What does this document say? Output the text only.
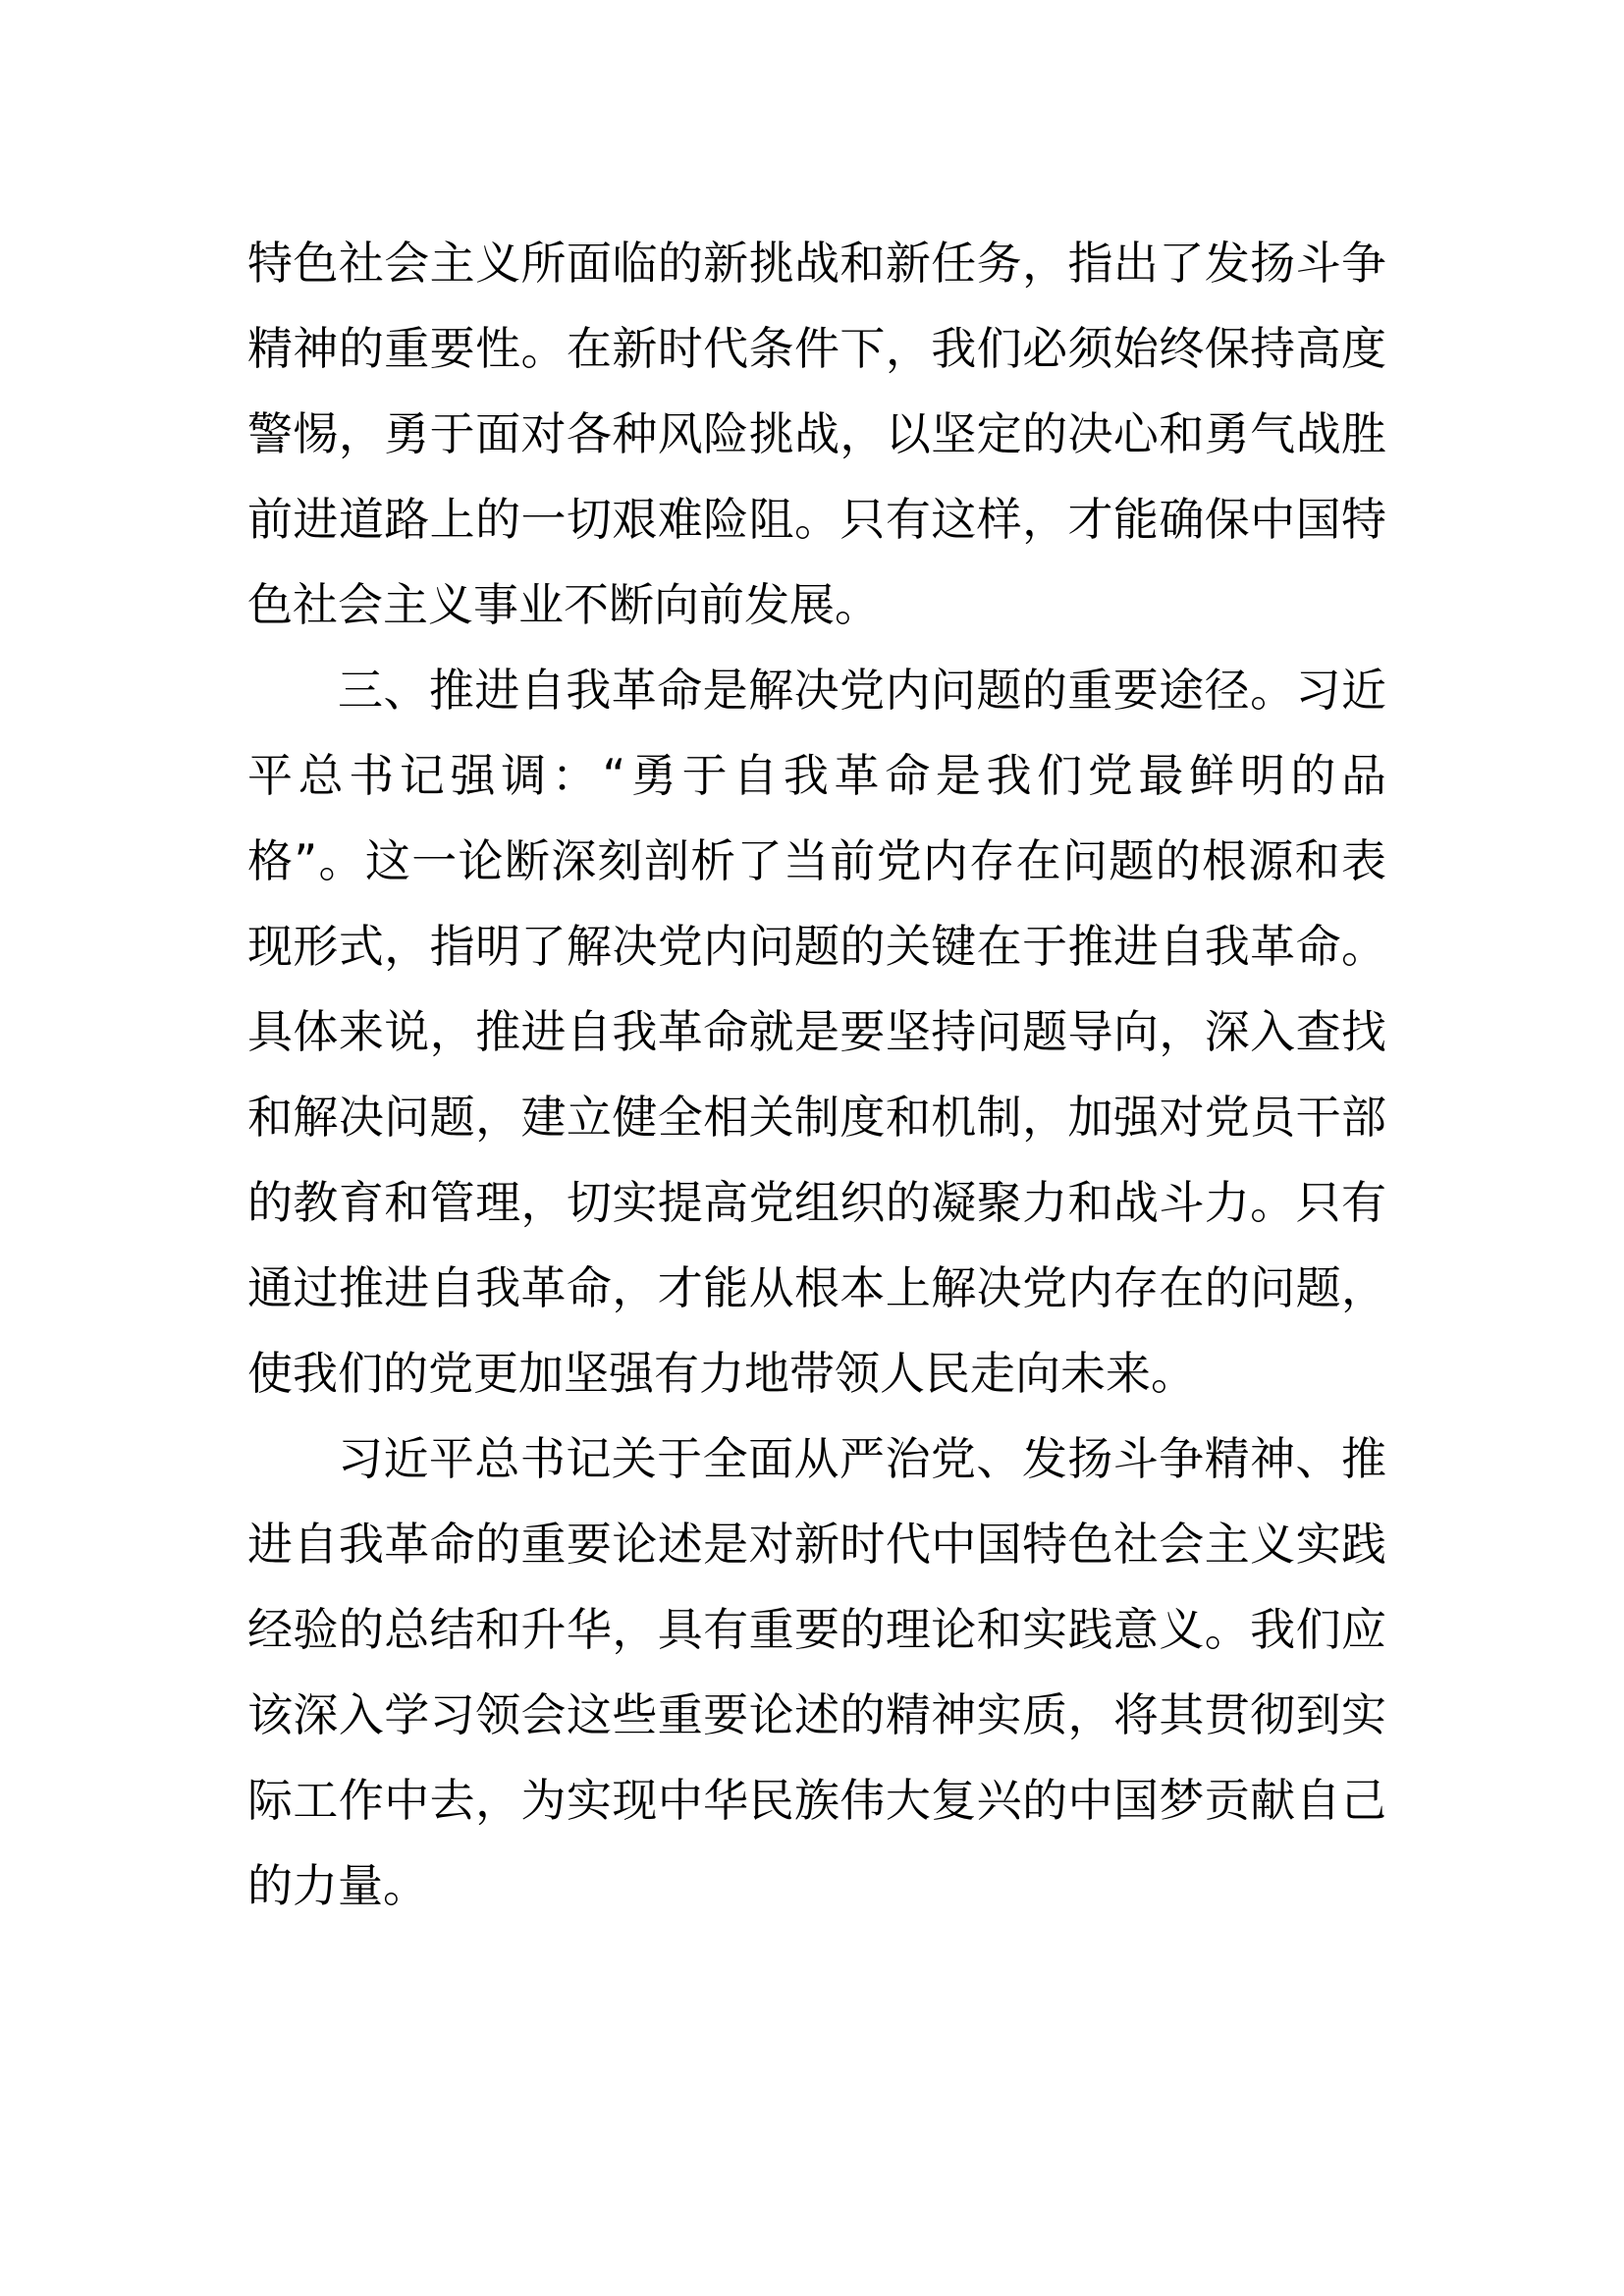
特色社会主义所面临的新挑战和新任务，指出了发扬斗争
精神的重要性。在新时代条件下，我们必须始终保持高度
警惕，勇于面对各种风险挑战，以坚定的决心和勇气战胜
前进道路上的一切艰难险阻。只有这样，才能确保中国特
色社会主义事业不断向前发展。
三、推进自我革命是解决党内问题的重要途径。习近
平总书记强调：“勇于自我革命是我们党最鲜明的品
格”。这一论断深刻剖析了当前党内存在问题的根源和表
现形式，指明了解决党内问题的关键在于推进自我革命。
具体来说，推进自我革命就是要坚持问题导向，深入查找
和解决问题，建立健全相关制度和机制，加强对党员干部
的教育和管理，切实提高党组织的凝聚力和战斗力。只有
通过推进自我革命，才能从根本上解决党内存在的问题，
使我们的党更加坚强有力地带领人民走向未来。
习近平总书记关于全面从严治党、发扬斗争精神、推
进自我革命的重要论述是对新时代中国特色社会主义实践
经验的总结和升华，具有重要的理论和实践意义。我们应
该深入学习领会这些重要论述的精神实质，将其贯彻到实
际工作中去，为实现中华民族伟大复兴的中国梦贡献自己
的力量。
